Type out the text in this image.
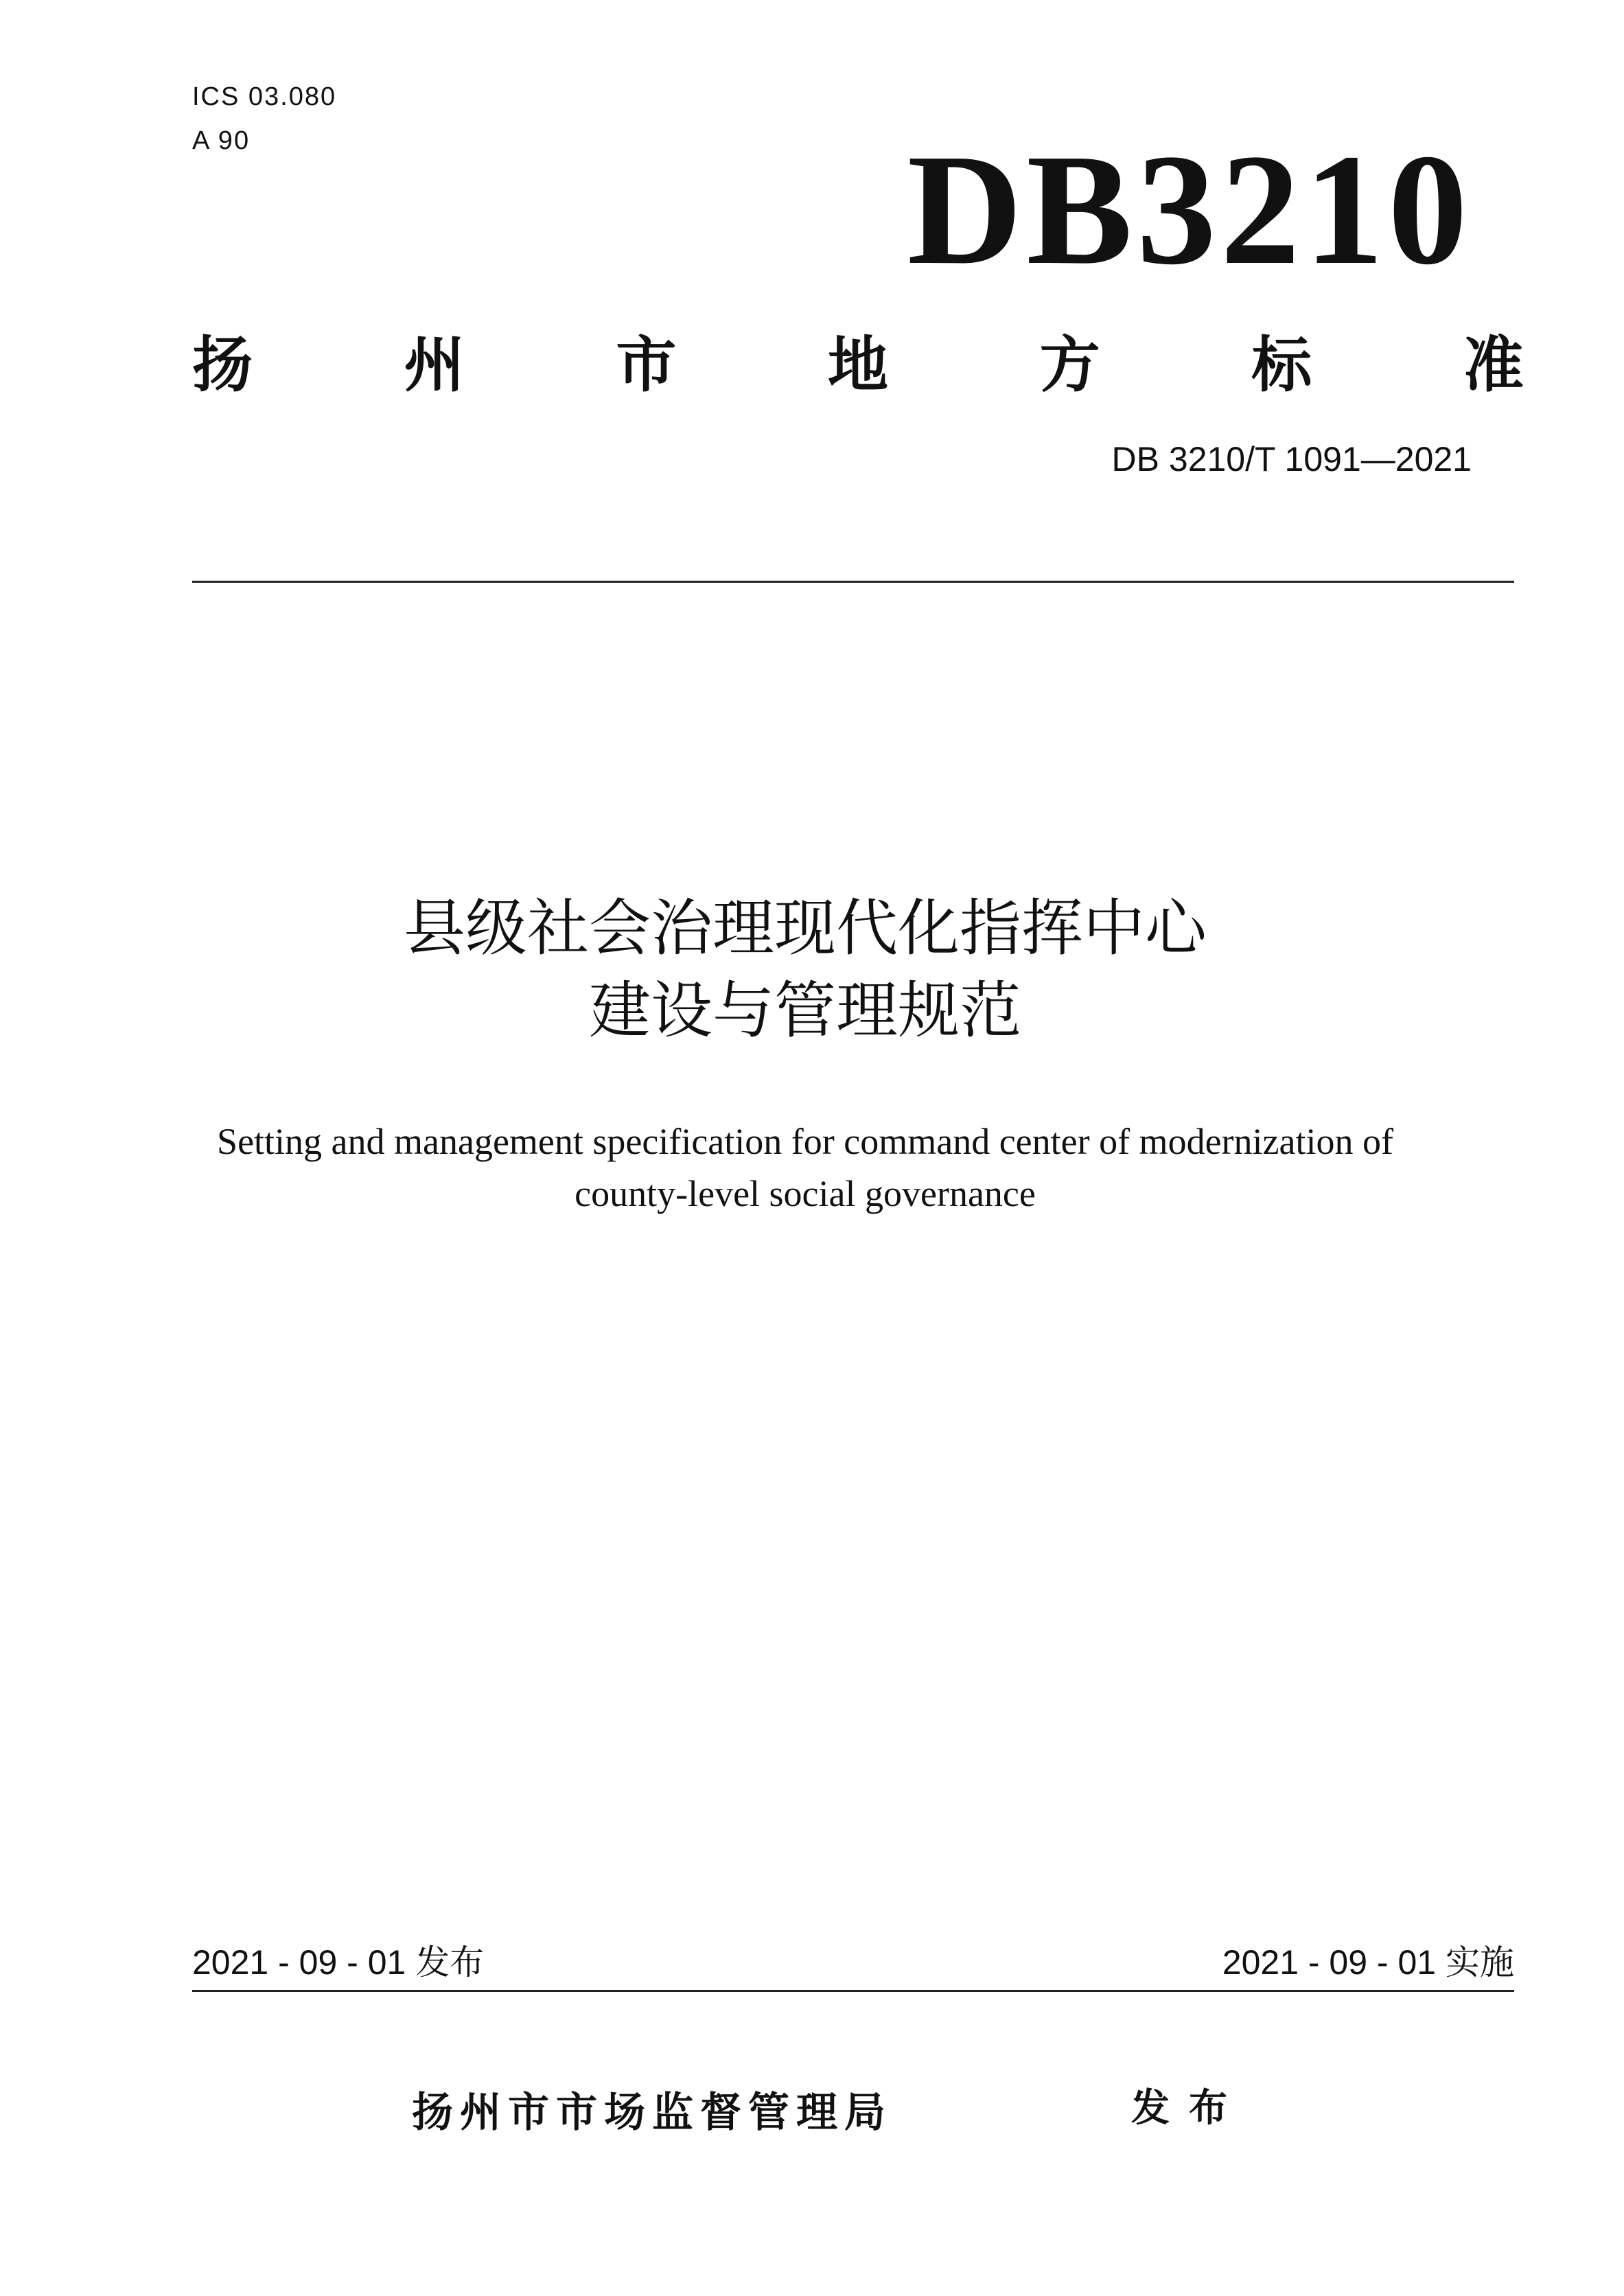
ICS 03.080
A 90	DB3210
扬	州	市	地	方	标	准
DB 3210/T 1091—2021
县级社会治理现代化指挥中心
建设与管理规范
Setting and management specification for command center of modernization of
county-level social governance
2021 - 09 - 01 发布	2021 - 09 - 01 实施
扬州市市场监督管理局	发布
